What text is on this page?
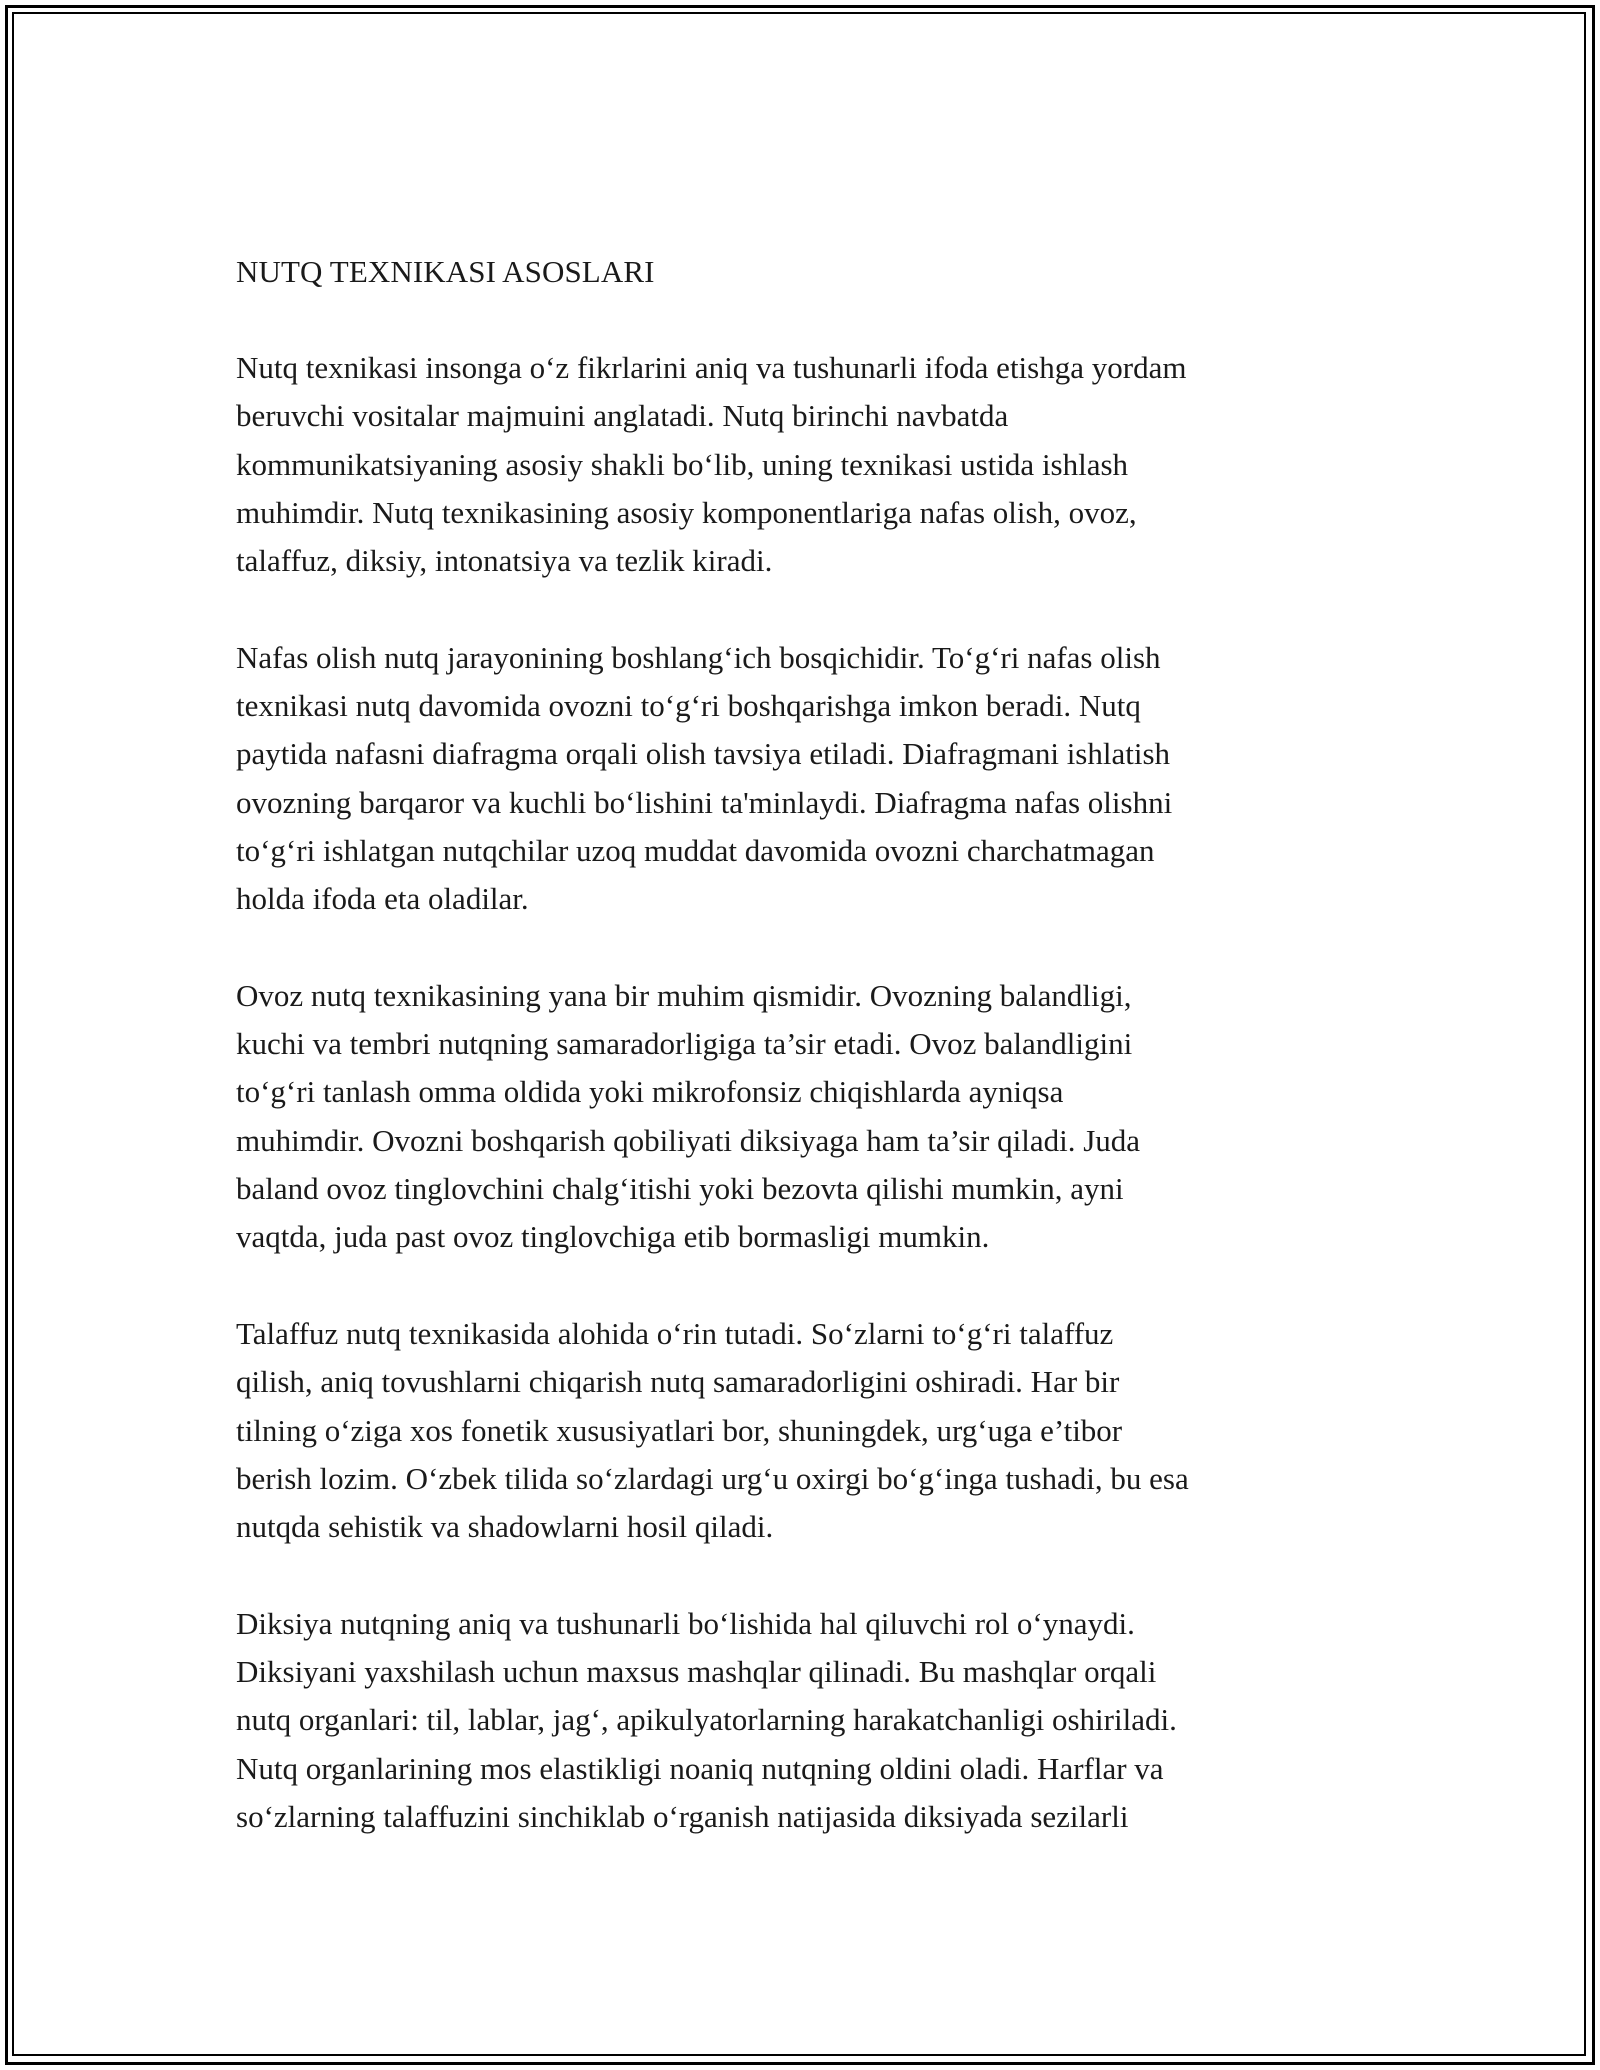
NUTQ TEXNIKASI ASOSLARI

Nutq texnikasi insonga o‘z fikrlarini aniq va tushunarli ifoda etishga yordam
beruvchi vositalar majmuini anglatadi. Nutq birinchi navbatda
kommunikatsiyaning asosiy shakli bo‘lib, uning texnikasi ustida ishlash
muhimdir. Nutq texnikasining asosiy komponentlariga nafas olish, ovoz,
talaffuz, diksiy, intonatsiya va tezlik kiradi.

Nafas olish nutq jarayonining boshlang‘ich bosqichidir. To‘g‘ri nafas olish
texnikasi nutq davomida ovozni to‘g‘ri boshqarishga imkon beradi. Nutq
paytida nafasni diafragma orqali olish tavsiya etiladi. Diafragmani ishlatish
ovozning barqaror va kuchli bo‘lishini ta'minlaydi. Diafragma nafas olishni
to‘g‘ri ishlatgan nutqchilar uzoq muddat davomida ovozni charchatmagan
holda ifoda eta oladilar.

Ovoz nutq texnikasining yana bir muhim qismidir. Ovozning balandligi,
kuchi va tembri nutqning samaradorligiga ta’sir etadi. Ovoz balandligini
to‘g‘ri tanlash omma oldida yoki mikrofonsiz chiqishlarda ayniqsa
muhimdir. Ovozni boshqarish qobiliyati diksiyaga ham ta’sir qiladi. Juda
baland ovoz tinglovchini chalg‘itishi yoki bezovta qilishi mumkin, ayni
vaqtda, juda past ovoz tinglovchiga etib bormasligi mumkin.

Talaffuz nutq texnikasida alohida o‘rin tutadi. So‘zlarni to‘g‘ri talaffuz
qilish, aniq tovushlarni chiqarish nutq samaradorligini oshiradi. Har bir
tilning o‘ziga xos fonetik xususiyatlari bor, shuningdek, urg‘uga e’tibor
berish lozim. O‘zbek tilida so‘zlardagi urg‘u oxirgi bo‘g‘inga tushadi, bu esa
nutqda sehistik va shadowlarni hosil qiladi.

Diksiya nutqning aniq va tushunarli bo‘lishida hal qiluvchi rol o‘ynaydi.
Diksiyani yaxshilash uchun maxsus mashqlar qilinadi. Bu mashqlar orqali
nutq organlari: til, lablar, jag‘, apikulyatorlarning harakatchanligi oshiriladi.
Nutq organlarining mos elastikligi noaniq nutqning oldini oladi. Harflar va
so‘zlarning talaffuzini sinchiklab o‘rganish natijasida diksiyada sezilarli
